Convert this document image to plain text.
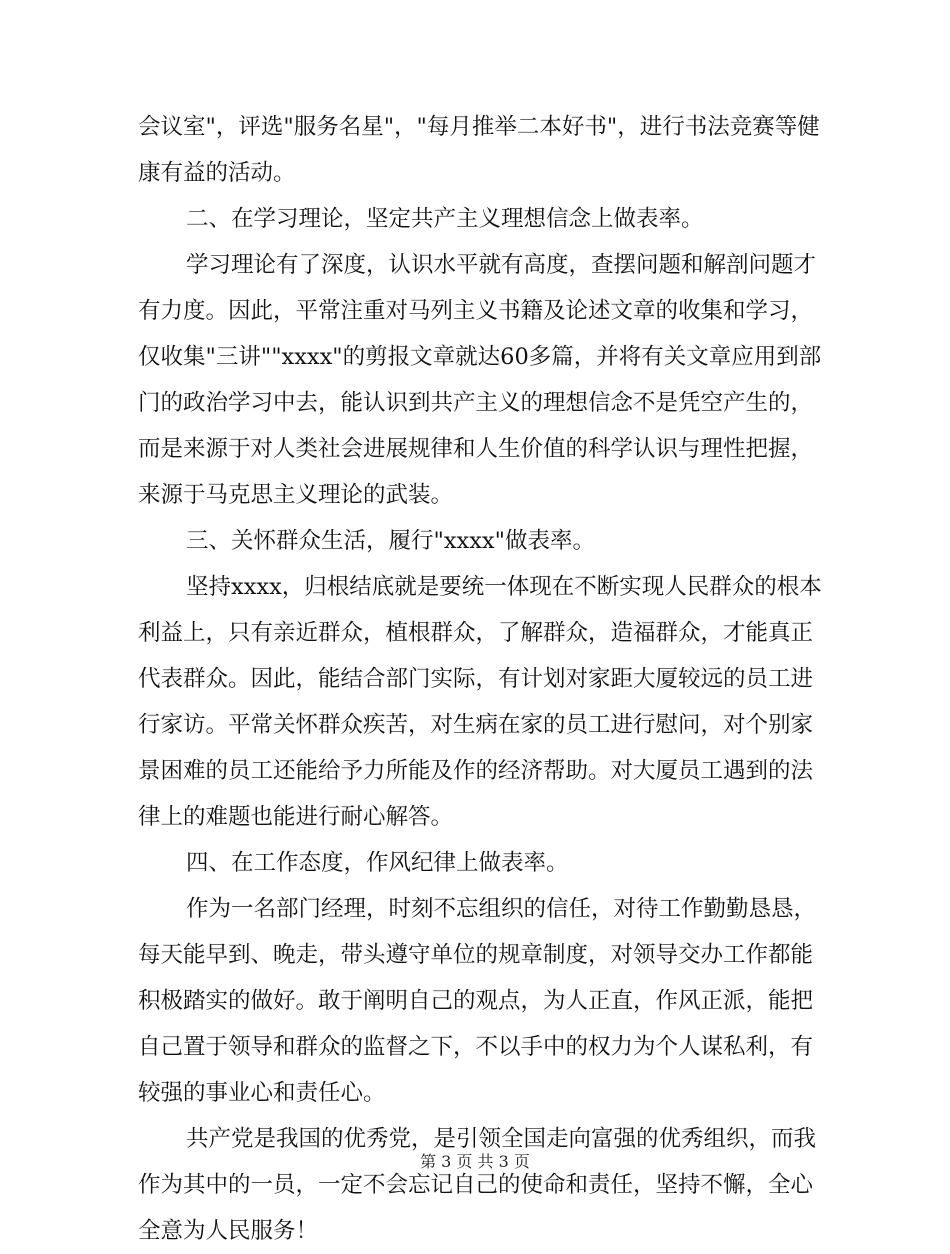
会议室"，评选"服务名星"，"每月推举二本好书"，进行书法竞赛等健
康有益的活动。
二、在学习理论，坚定共产主义理想信念上做表率。
学习理论有了深度，认识水平就有高度，查摆问题和解剖问题才
有力度。因此，平常注重对马列主义书籍及论述文章的收集和学习，
仅收集"三讲""xxxx"的剪报文章就达60多篇，并将有关文章应用到部
门的政治学习中去，能认识到共产主义的理想信念不是凭空产生的，
而是来源于对人类社会进展规律和人生价值的科学认识与理性把握，
来源于马克思主义理论的武装。
三、关怀群众生活，履行"xxxx"做表率。
坚持xxxx，归根结底就是要统一体现在不断实现人民群众的根本
利益上，只有亲近群众，植根群众，了解群众，造福群众，才能真正
代表群众。因此，能结合部门实际，有计划对家距大厦较远的员工进
行家访。平常关怀群众疾苦，对生病在家的员工进行慰问，对个别家
景困难的员工还能给予力所能及作的经济帮助。对大厦员工遇到的法
律上的难题也能进行耐心解答。
四、在工作态度，作风纪律上做表率。
作为一名部门经理，时刻不忘组织的信任，对待工作勤勤恳恳，
每天能早到、晚走，带头遵守单位的规章制度，对领导交办工作都能
积极踏实的做好。敢于阐明自己的观点，为人正直，作风正派，能把
自己置于领导和群众的监督之下，不以手中的权力为个人谋私利，有
较强的事业心和责任心。
共产党是我国的优秀党，是引领全国走向富强的优秀组织，而我
作为其中的一员，一定不会忘记自己的使命和责任，坚持不懈，全心
全意为人民服务！
第 3 页 共 3 页
